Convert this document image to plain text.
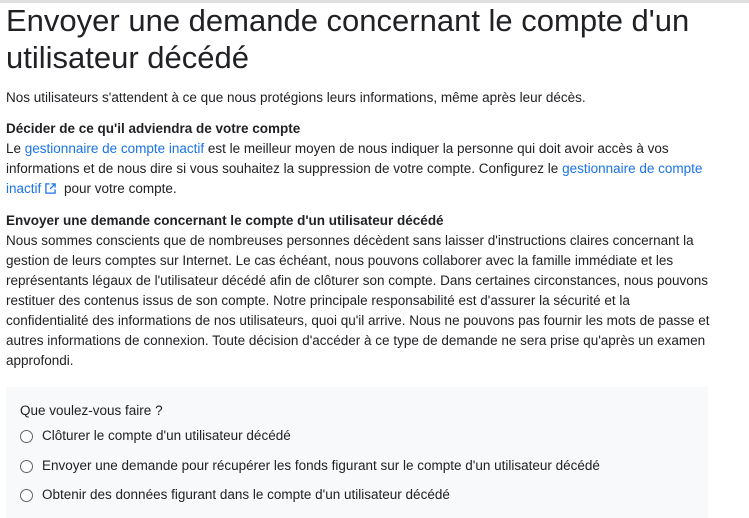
Envoyer une demande concernant le compte d'un utilisateur décédé

Nos utilisateurs s'attendent à ce que nous protégions leurs informations, même après leur décès.

Décider de ce qu'il adviendra de votre compte
Le gestionnaire de compte inactif est le meilleur moyen de nous indiquer la personne qui doit avoir accès à vos informations et de nous dire si vous souhaitez la suppression de votre compte. Configurez le gestionnaire de compte inactif pour votre compte.
Envoyer une demande concernant le compte d'un utilisateur décédé
Nous sommes conscients que de nombreuses personnes décèdent sans laisser d'instructions claires concernant la gestion de leurs comptes sur Internet. Le cas échéant, nous pouvons collaborer avec la famille immédiate et les représentants légaux de l'utilisateur décédé afin de clôturer son compte. Dans certaines circonstances, nous pouvons restituer des contenus issus de son compte. Notre principale responsabilité est d'assurer la sécurité et la confidentialité des informations de nos utilisateurs, quoi qu'il arrive. Nous ne pouvons pas fournir les mots de passe et autres informations de connexion. Toute décision d'accéder à ce type de demande ne sera prise qu'après un examen approfondi.
Que voulez-vous faire ?
Clôturer le compte d'un utilisateur décédé
Envoyer une demande pour récupérer les fonds figurant sur le compte d'un utilisateur décédé
Obtenir des données figurant dans le compte d'un utilisateur décédé
